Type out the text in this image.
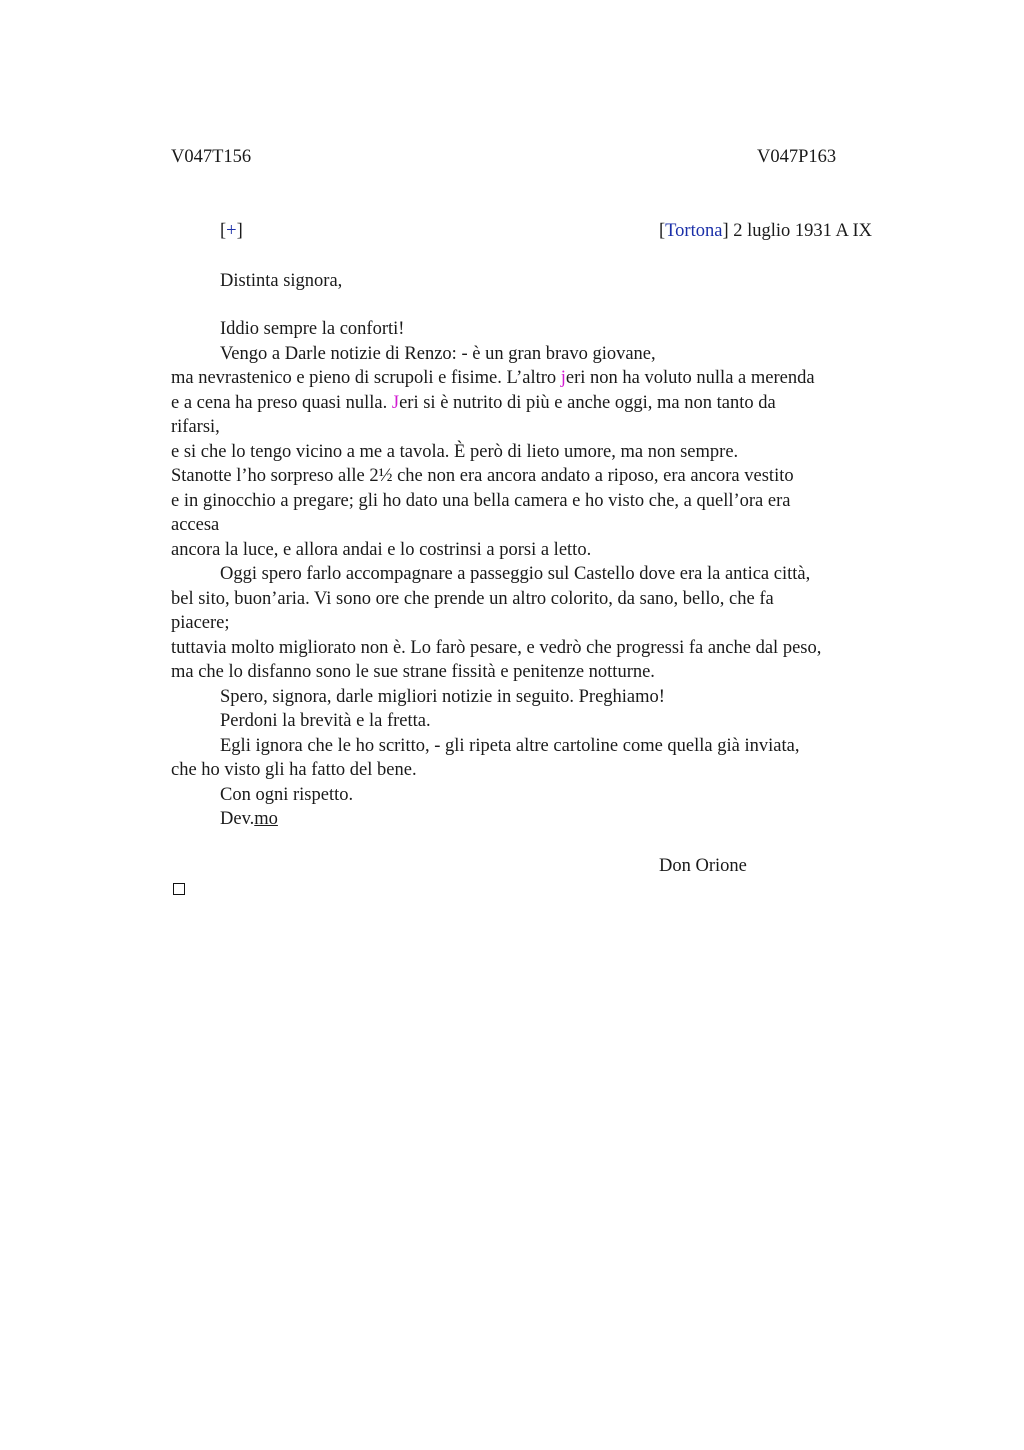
V047T156	V047P163
[+]	[Tortona] 2 luglio 1931 A IX
Distinta signora,
Iddio sempre la conforti!
Vengo a Darle notizie di Renzo: - è un gran bravo giovane,
ma nevrastenico e pieno di scrupoli e fisime. L’altro jeri non ha voluto nulla a merenda
e a cena ha preso quasi nulla. Jeri si è nutrito di più e anche oggi, ma non tanto da
rifarsi,
e si che lo tengo vicino a me a tavola. È però di lieto umore, ma non sempre.
Stanotte l’ho sorpreso alle 2½ che non era ancora andato a riposo, era ancora vestito
e in ginocchio a pregare; gli ho dato una bella camera e ho visto che, a quell’ora era
accesa
ancora la luce, e allora andai e lo costrinsi a porsi a letto.
Oggi spero farlo accompagnare a passeggio sul Castello dove era la antica città,
bel sito, buon’aria. Vi sono ore che prende un altro colorito, da sano, bello, che fa
piacere;
tuttavia molto migliorato non è. Lo farò pesare, e vedrò che progressi fa anche dal peso,
ma che lo disfanno sono le sue strane fissità e penitenze notturne.
Spero, signora, darle migliori notizie in seguito. Preghiamo!
Perdoni la brevità e la fretta.
Egli ignora che le ho scritto, - gli ripeta altre cartoline come quella già inviata,
che ho visto gli ha fatto del bene.
Con ogni rispetto.
Dev.mo
Don Orione
